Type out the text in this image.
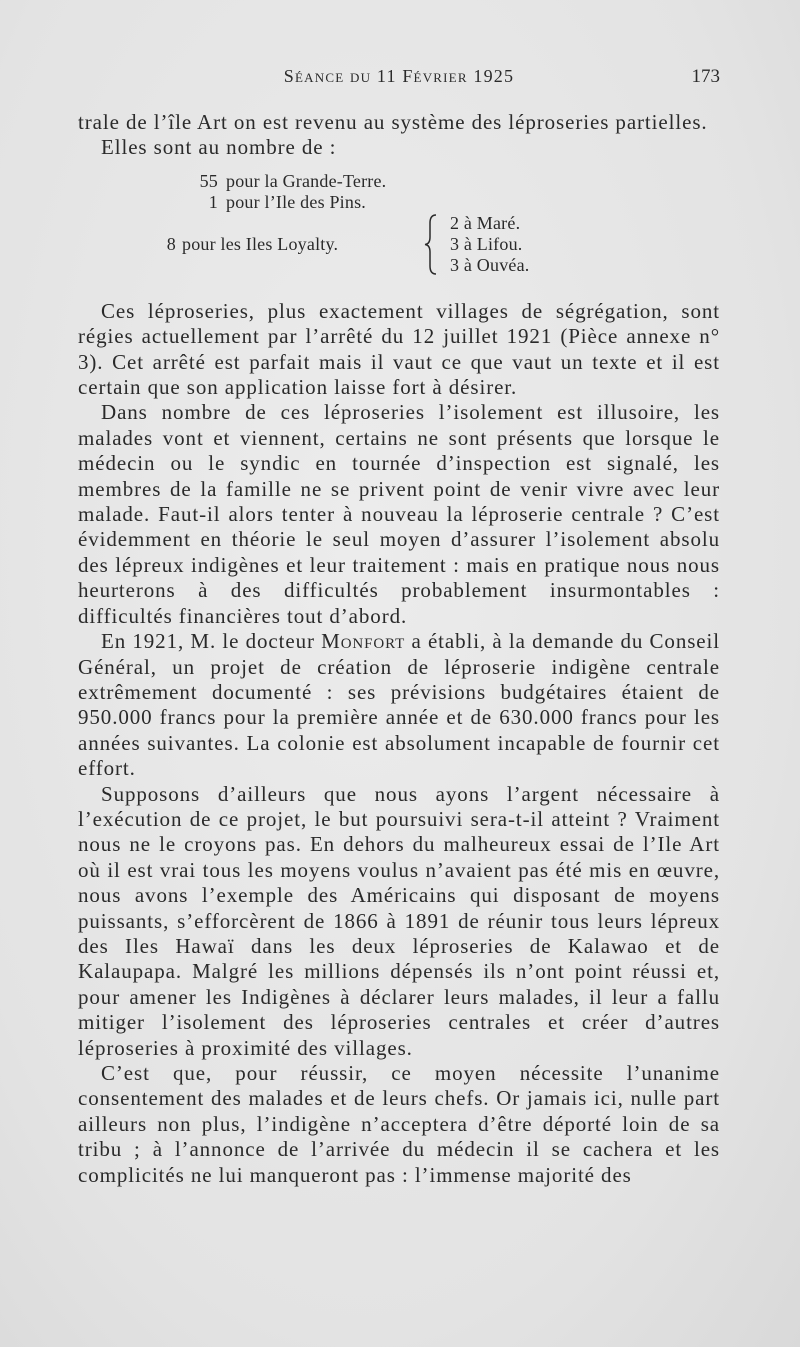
Séance du 11 Février 1925	173

trale de l’île Art on est revenu au système des léproseries partielles.

Elles sont au nombre de :

55 pour la Grande-Terre.
1 pour l’Ile des Pins.
8 pour les Iles Loyalty.
2 à Maré.
3 à Lifou.
3 à Ouvéa.

Ces léproseries, plus exactement villages de ségrégation, sont régies actuellement par l’arrêté du 12 juillet 1921 (Pièce annexe n° 3). Cet arrêté est parfait mais il vaut ce que vaut un texte et il est certain que son application laisse fort à désirer.

Dans nombre de ces léproseries l’isolement est illusoire, les malades vont et viennent, certains ne sont présents que lorsque le médecin ou le syndic en tournée d’inspection est signalé, les membres de la famille ne se privent point de venir vivre avec leur malade. Faut-il alors tenter à nouveau la léproserie centrale ? C’est évidemment en théorie le seul moyen d’assurer l’isolement absolu des lépreux indigènes et leur traitement : mais en pratique nous nous heurterons à des difficultés probablement insurmontables : difficultés financières tout d’abord.

En 1921, M. le docteur Monfort a établi, à la demande du Conseil Général, un projet de création de léproserie indigène centrale extrêmement documenté : ses prévisions budgétaires étaient de 950.000 francs pour la première année et de 630.000 francs pour les années suivantes. La colonie est absolument incapable de fournir cet effort.

Supposons d’ailleurs que nous ayons l’argent nécessaire à l’exécution de ce projet, le but poursuivi sera-t-il atteint ? Vraiment nous ne le croyons pas. En dehors du malheureux essai de l’Ile Art où il est vrai tous les moyens voulus n’avaient pas été mis en œuvre, nous avons l’exemple des Américains qui disposant de moyens puissants, s’efforcèrent de 1866 à 1891 de réunir tous leurs lépreux des Iles Hawaï dans les deux léproseries de Kalawao et de Kalaupapa. Malgré les millions dépensés ils n’ont point réussi et, pour amener les Indigènes à déclarer leurs malades, il leur a fallu mitiger l’isolement des léproseries centrales et créer d’autres léproseries à proximité des villages.

C’est que, pour réussir, ce moyen nécessite l’unanime consentement des malades et de leurs chefs. Or jamais ici, nulle part ailleurs non plus, l’indigène n’acceptera d’être déporté loin de sa tribu ; à l’annonce de l’arrivée du médecin il se cachera et les complicités ne lui manqueront pas : l’immense majorité des
